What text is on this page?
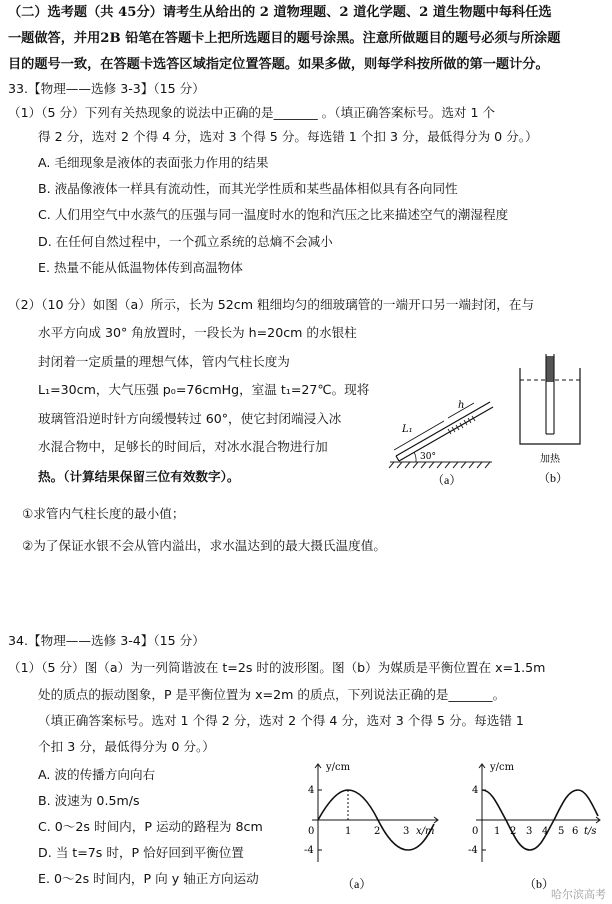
（二）选考题（共 45分）请考生从给出的 2 道物理题、2 道化学题、2 道生物题中每科任选
一题做答，并用2B 铅笔在答题卡上把所选题目的题号涂黑。注意所做题目的题号必须与所涂题
目的题号一致，在答题卡选答区域指定位置答题。如果多做，则每学科按所做的第一题计分。
33.【物理——选修 3-3】（15 分）
（1）（5 分）下列有关热现象的说法中正确的是_______ 。（填正确答案标号。选对 1 个
得 2 分，选对 2 个得 4 分，选对 3 个得 5 分。每选错 1 个扣 3 分，最低得分为 0 分。）
A. 毛细现象是液体的表面张力作用的结果
B. 液晶像液体一样具有流动性，而其光学性质和某些晶体相似具有各向同性
C. 人们用空气中水蒸气的压强与同一温度时水的饱和汽压之比来描述空气的潮湿程度
D. 在任何自然过程中，一个孤立系统的总熵不会减小
E. 热量不能从低温物体传到高温物体
（2）（10 分）如图（a）所示，长为 52cm 粗细均匀的细玻璃管的一端开口另一端封闭，在与
水平方向成 30° 角放置时，一段长为 h=20cm 的水银柱
封闭着一定质量的理想气体，管内气柱长度为
L₁=30cm，大气压强 p₀=76cmHg，室温 t₁=27℃。现将
玻璃管沿逆时针方向缓慢转过 60°，使它封闭端浸入冰
水混合物中，足够长的时间后，对冰水混合物进行加
热。（计算结果保留三位有效数字）。
①求管内气柱长度的最小值；
②为了保证水银不会从管内溢出，求水温达到的最大摄氏温度值。
L₁
h
30°
（a）
加热
（b）
34.【物理——选修 3-4】（15 分）
（1）（5 分）图（a）为一列简谐波在 t=2s 时的波形图。图（b）为媒质是平衡位置在 x=1.5m
处的质点的振动图象，P 是平衡位置为 x=2m 的质点，下列说法正确的是_______。
（填正确答案标号。选对 1 个得 2 分，选对 2 个得 4 分，选对 3 个得 5 分。每选错 1
个扣 3 分，最低得分为 0 分。）
A. 波的传播方向向右
B. 波速为 0.5m/s
C. 0～2s 时间内，P 运动的路程为 8cm
D. 当 t=7s 时，P 恰好回到平衡位置
E. 0～2s 时间内，P 向 y 轴正方向运动
y/cm
x/m
4
-4
0	1 2 3
（a）
y/cm
t/s
4
-4
0 1 2 3 4 5 6
（b）
哈尔滨高考
